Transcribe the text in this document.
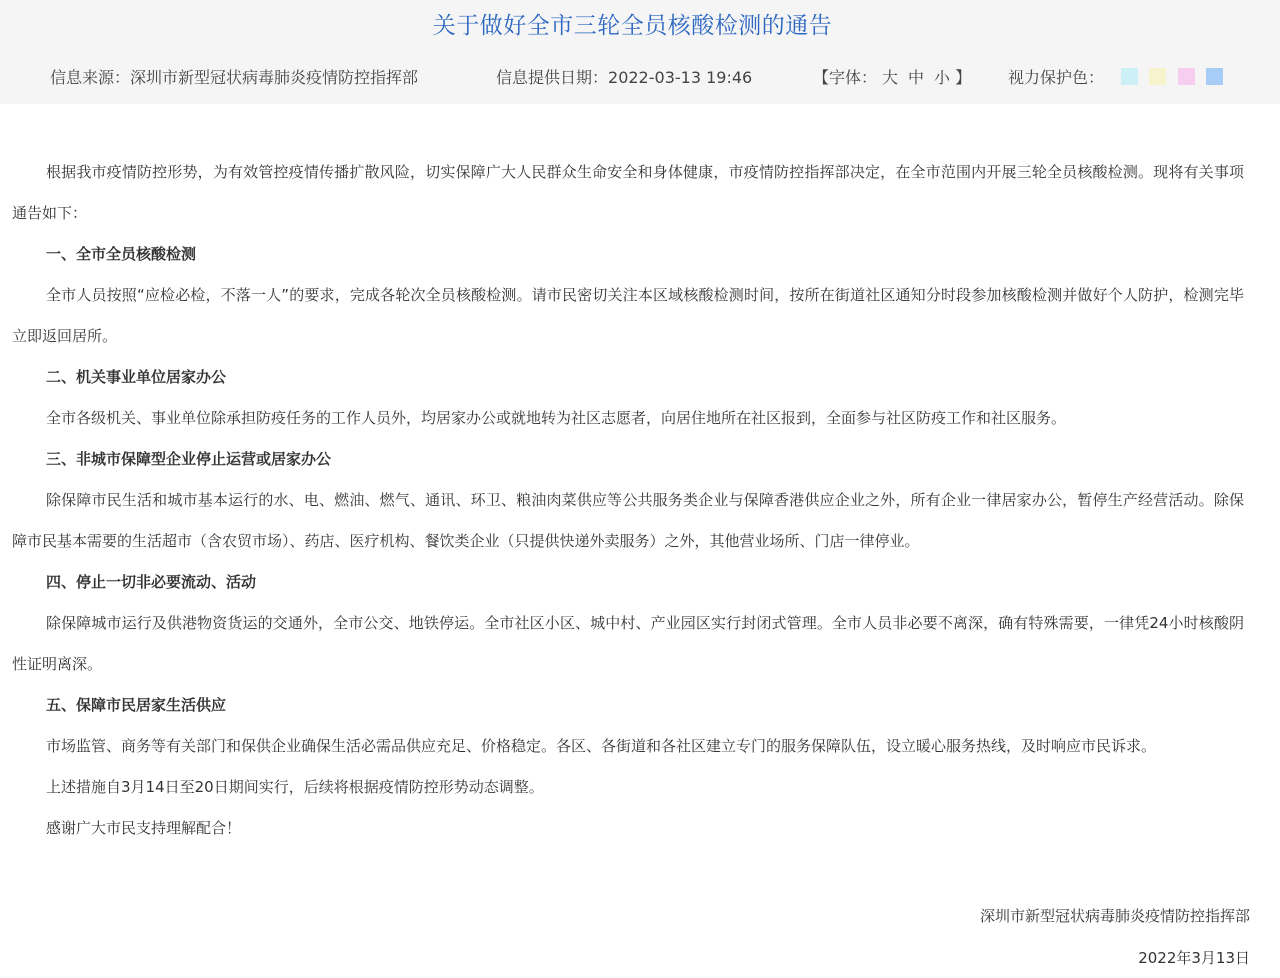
关于做好全市三轮全员核酸检测的通告
信息来源：深圳市新型冠状病毒肺炎疫情防控指挥部	信息提供日期：2022-03-13 19:46	【字体： 大 中 小 】 视力保护色：

根据我市疫情防控形势，为有效管控疫情传播扩散风险，切实保障广大人民群众生命安全和身体健康，市疫情防控指挥部决定，在全市范围内开展三轮全员核酸检测。现将有关事项通告如下：

一、全市全员核酸检测

全市人员按照“应检必检，不落一人”的要求，完成各轮次全员核酸检测。请市民密切关注本区域核酸检测时间，按所在街道社区通知分时段参加核酸检测并做好个人防护，检测完毕立即返回居所。

二、机关事业单位居家办公

全市各级机关、事业单位除承担防疫任务的工作人员外，均居家办公或就地转为社区志愿者，向居住地所在社区报到，全面参与社区防疫工作和社区服务。

三、非城市保障型企业停止运营或居家办公

除保障市民生活和城市基本运行的水、电、燃油、燃气、通讯、环卫、粮油肉菜供应等公共服务类企业与保障香港供应企业之外，所有企业一律居家办公，暂停生产经营活动。除保障市民基本需要的生活超市（含农贸市场）、药店、医疗机构、餐饮类企业（只提供快递外卖服务）之外，其他营业场所、门店一律停业。

四、停止一切非必要流动、活动

除保障城市运行及供港物资货运的交通外，全市公交、地铁停运。全市社区小区、城中村、产业园区实行封闭式管理。全市人员非必要不离深，确有特殊需要，一律凭24小时核酸阴性证明离深。

五、保障市民居家生活供应

市场监管、商务等有关部门和保供企业确保生活必需品供应充足、价格稳定。各区、各街道和各社区建立专门的服务保障队伍，设立暖心服务热线，及时响应市民诉求。

上述措施自3月14日至20日期间实行，后续将根据疫情防控形势动态调整。

感谢广大市民支持理解配合！

深圳市新型冠状病毒肺炎疫情防控指挥部
2022年3月13日
